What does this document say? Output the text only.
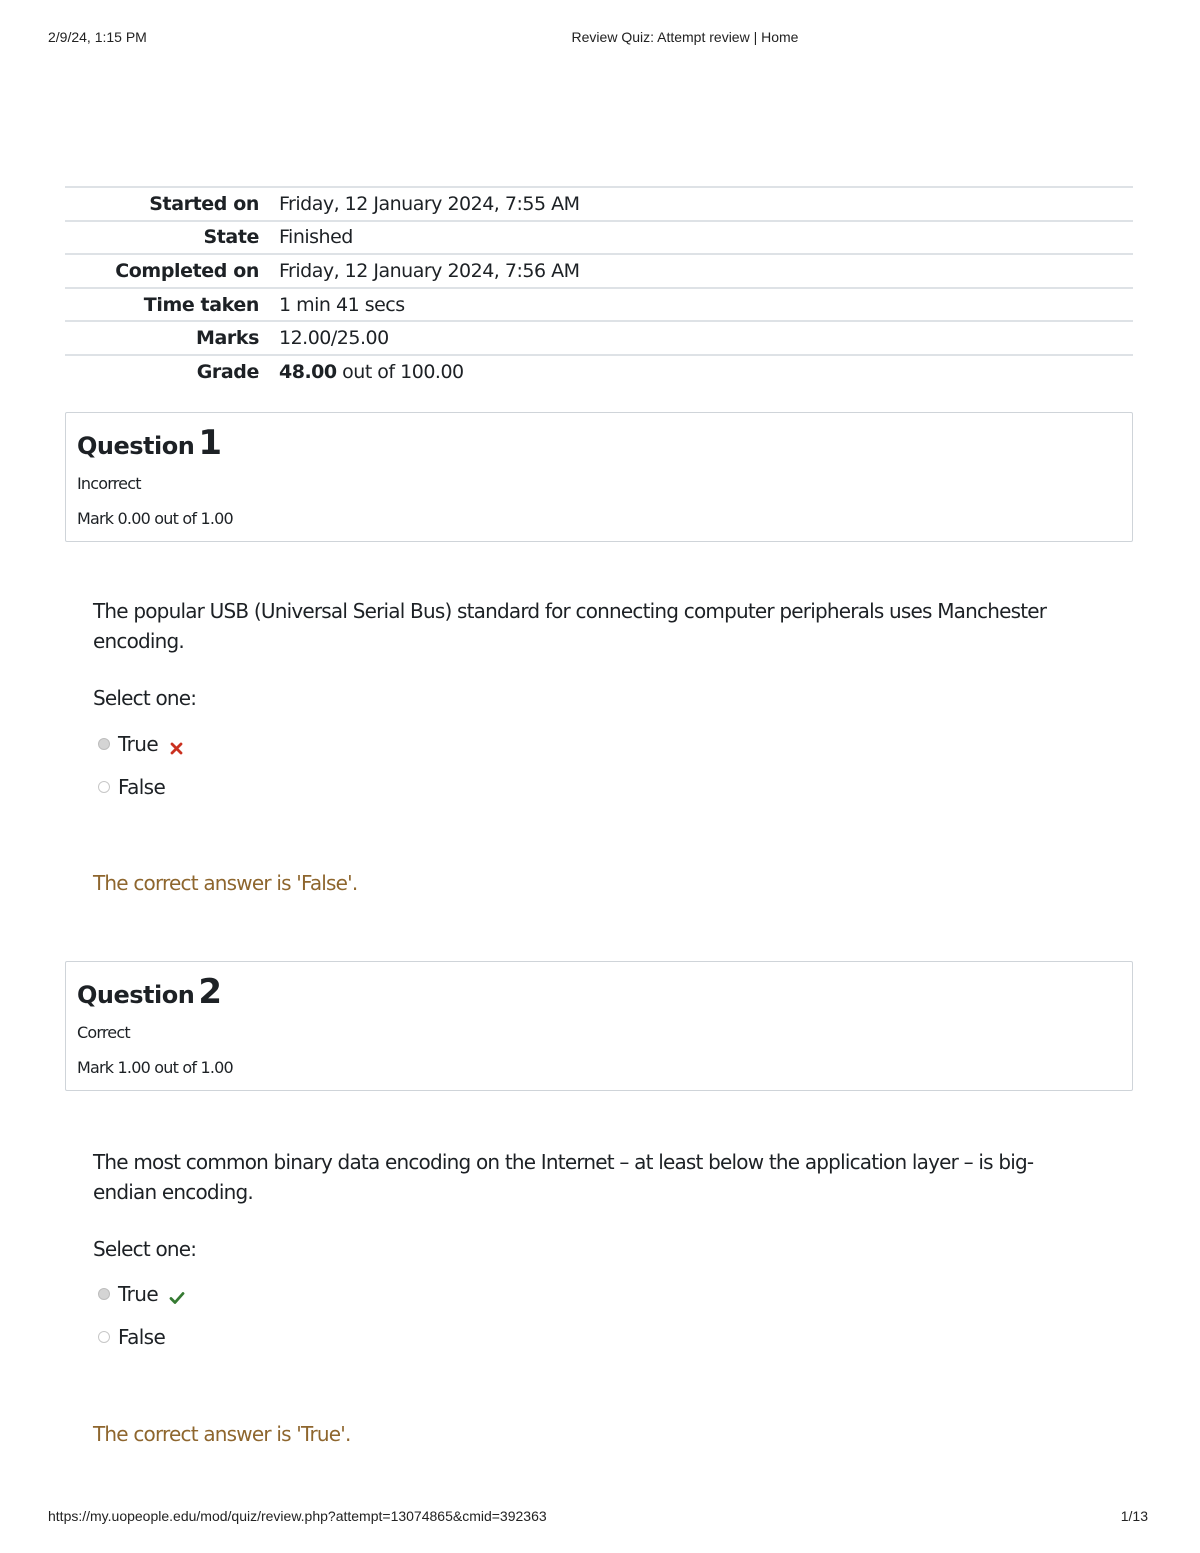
2/9/24, 1:15 PM	Review Quiz: Attempt review | Home
Started on	Friday, 12 January 2024, 7:55 AM
State	Finished
Completed on	Friday, 12 January 2024, 7:56 AM
Time taken	1 min 41 secs
Marks	12.00/25.00
Grade	48.00 out of 100.00
Question 1
Incorrect
Mark 0.00 out of 1.00
The popular USB (Universal Serial Bus) standard for connecting computer peripherals uses Manchester encoding.
Select one:
True
False
The correct answer is 'False'.
Question 2
Correct
Mark 1.00 out of 1.00
The most common binary data encoding on the Internet – at least below the application layer – is big-endian encoding.
Select one:
True
False
The correct answer is 'True'.
https://my.uopeople.edu/mod/quiz/review.php?attempt=13074865&cmid=392363	1/13
